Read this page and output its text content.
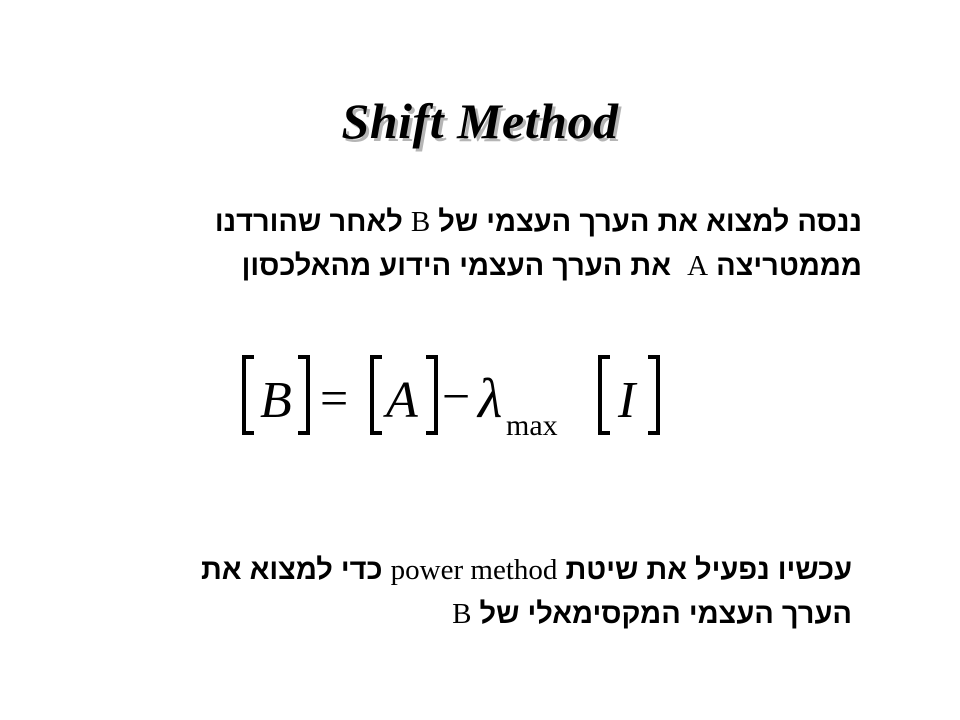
Shift Method
ננסה למצוא את הערך העצמי של B לאחר שהורדנו
מממטריצה A  את הערך העצמי הידוע מהאלכסון
B = A − λ max I
עכשיו נפעיל את שיטת power method כדי למצוא את
הערך העצמי המקסימאלי של B
